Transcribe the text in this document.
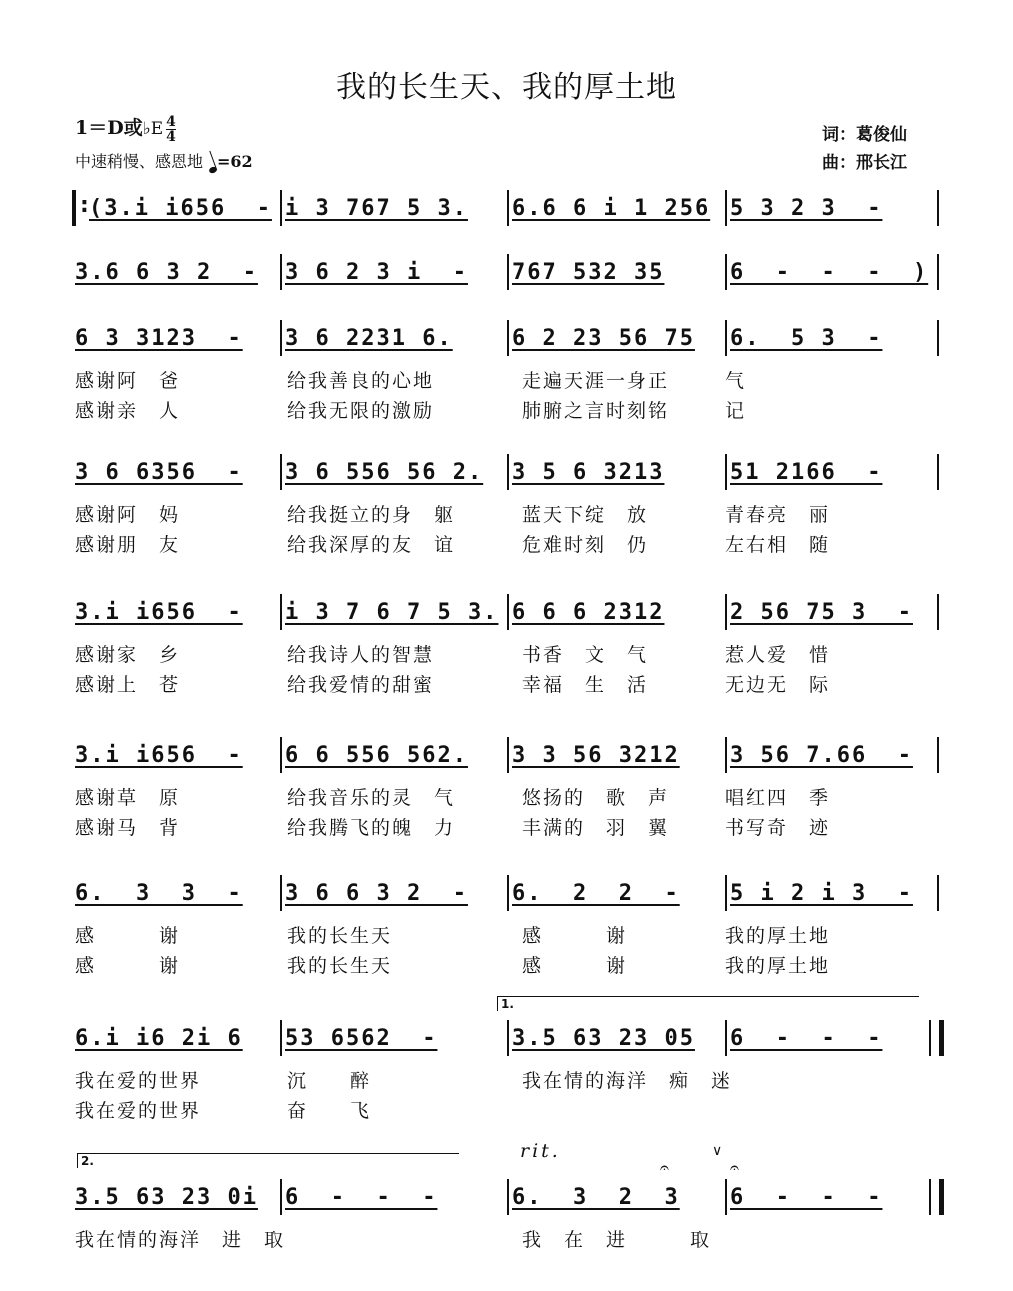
我的长生天、我的厚土地
1＝D或♭E $\frac{4}{4}$
中速稍慢、感恩地 =62
词：葛俊仙
曲：邢长江
:
(3.i i656  - i 3 767 5 3. 6.6 6 i 1 256 5 3 2 3  -
3.6 6 3 2  - 3 6 2 3 i  - 767 532 35	6  -  -  -  )
6 3 3123  - 3 6 2231 6.	6 2 23 56 75 6.  5 3  -
3 6 6356  - 3 6 556 56 2. 3 5 6 3213	51 2166  -
3.i i656  - i 3 7 6 7 5 3. 6 6 6 2312	2 56 75 3  -
3.i i656  - 6 6 556 562. 3 3 56 3212 3 56 7.66  -
6.  3  3  - 3 6 6 3 2  - 6.  2  2  - 5 i 2 i 3  -
6.i i6 2i 6 53 6562  -	3.5 63 23 05 6  -  -  -
3.5 63 23 0i 6  -  -  -	6.  3  2  3 6  -  -  -
感谢阿　爸	给我善良的心地	走遍天涯一身正	气
感谢亲　人	给我无限的激励	肺腑之言时刻铭	记
感谢阿　妈	给我挺立的身　躯	蓝天下绽　放	青春亮　丽
感谢朋　友	给我深厚的友　谊	危难时刻　仍	左右相　随
感谢家　乡	给我诗人的智慧	书香　文　气	惹人爱　惜
感谢上　苍	给我爱情的甜蜜	幸福　生　活	无边无　际
感谢草　原	给我音乐的灵　气	悠扬的　歌　声	唱红四　季
感谢马　背	给我腾飞的魄　力	丰满的　羽　翼	书写奇　迹
感　　　谢	我的长生天	感　　　谢	我的厚土地
感　　　谢	我的长生天	感　　　谢	我的厚土地
我在爱的世界	沉　　醉	我在情的海洋　痴　迷
我在爱的世界	奋　　飞
我在情的海洋　进　取	我　在　进　　　取
1.
2.	rit.	∨
𝄐	𝄐
